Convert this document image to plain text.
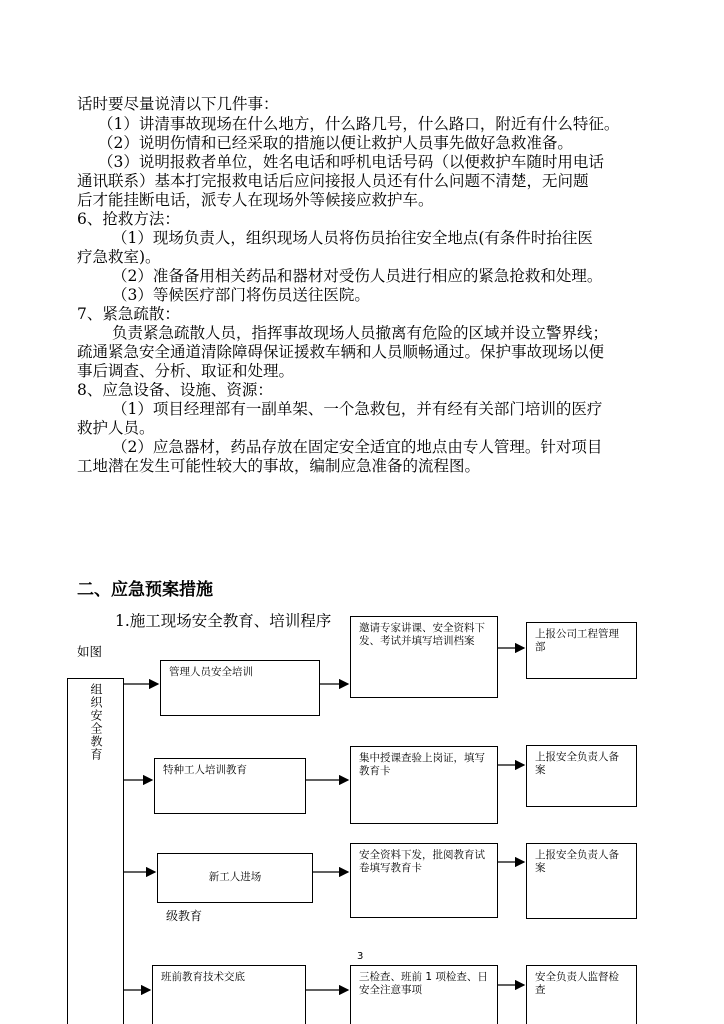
话时要尽量说清以下几件事：
（1）讲清事故现场在什么地方，什么路几号，什么路口，附近有什么特征。
（2）说明伤情和已经采取的措施以便让救护人员事先做好急救准备。
（3）说明报救者单位，姓名电话和呼机电话号码（以便救护车随时用电话
通讯联系）基本打完报救电话后应问接报人员还有什么问题不清楚，无问题
后才能挂断电话，派专人在现场外等候接应救护车。
6、抢救方法：
（1）现场负责人，组织现场人员将伤员抬往安全地点(有条件时抬往医
疗急救室)。
（2）准备备用相关药品和器材对受伤人员进行相应的紧急抢救和处理。
（3）等候医疗部门将伤员送往医院。
7、紧急疏散：
负责紧急疏散人员，指挥事故现场人员撤离有危险的区域并设立警界线；
疏通紧急安全通道清除障碍保证援救车辆和人员顺畅通过。保护事故现场以便
事后调查、分析、取证和处理。
8、应急设备、设施、资源：
（1）项目经理部有一副单架、一个急救包，并有经有关部门培训的医疗
救护人员。
（2）应急器材，药品存放在固定安全适宜的地点由专人管理。针对项目
工地潜在发生可能性较大的事故，编制应急准备的流程图。
二、应急预案措施
1.施工现场安全教育、培训程序
如图
组织安全教育
管理人员安全培训
特种工人培训教育
新工人进场
级教育
班前教育技术交底
邀请专家讲课、安全资料下发、考试并填写培训档案
集中授课查验上岗证，填写教育卡
安全资料下发，批阅教育试卷填写教育卡
三检查、班前 1 项检查、日安全注意事项
上报公司工程管理部
上报安全负责人备案
上报安全负责人备案
安全负责人监督检查
3
